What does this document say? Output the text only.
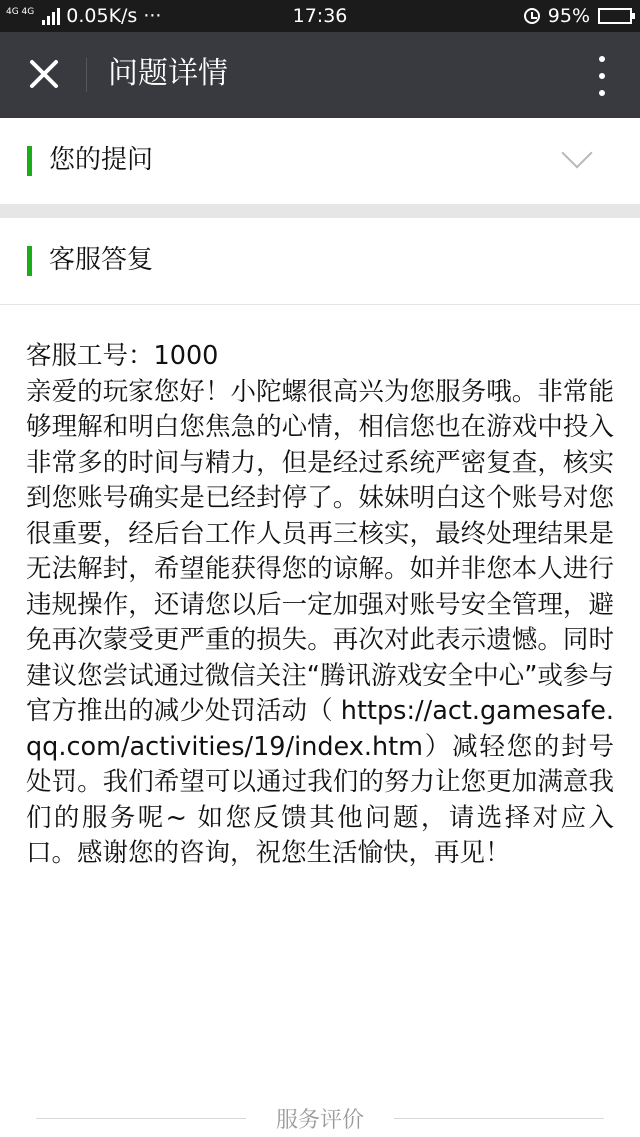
4G 4G 0.05K/s ···	17:36	95%
问题详情
您的提问
客服答复

客服工号：1000

亲爱的玩家您好！小陀螺很高兴为您服务哦。非常能够理解和明白您焦急的心情，相信您也在游戏中投入非常多的时间与精力，但是经过系统严密复查，核实到您账号确实是已经封停了。妹妹明白这个账号对您很重要，经后台工作人员再三核实，最终处理结果是无法解封，希望能获得您的谅解。如并非您本人进行违规操作，还请您以后一定加强对账号安全管理，避免再次蒙受更严重的损失。再次对此表示遗憾。同时建议您尝试通过微信关注“腾讯游戏安全中心”或参与官方推出的减少处罚活动（ https://act.gamesafe.qq.com/activities/19/index.htm）减轻您的封号处罚。我们希望可以通过我们的努力让您更加满意我们的服务呢~ 如您反馈其他问题，请选择对应入口。感谢您的咨询，祝您生活愉快，再见！

服务评价
